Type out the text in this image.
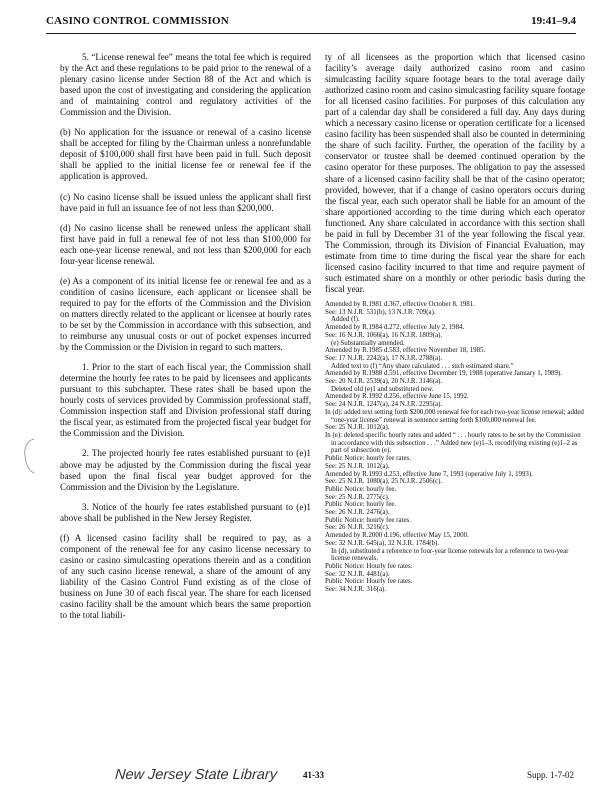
CASINO CONTROL COMMISSION	19:41–9.4

5. “License renewal fee” means the total fee which is required by the Act and these regulations to be paid prior to the renewal of a plenary casino license under Section 88 of the Act and which is based upon the cost of investigating and considering the application and of maintaining control and regulatory activities of the Commission and the Division.

(b) No application for the issuance or renewal of a casino license shall be accepted for filing by the Chairman unless a nonrefundable deposit of $100,000 shall first have been paid in full. Such deposit shall be applied to the initial license fee or renewal fee if the application is approved.

(c) No casino license shall be issued unless the applicant shall first have paid in full an issuance fee of not less than $200,000.

(d) No casino license shall be renewed unless the applicant shall first have paid in full a renewal fee of not less than $100,000 for each one-year license renewal, and not less than $200,000 for each four-year license renewal.

(e) As a component of its initial license fee or renewal fee and as a condition of casino licensure, each applicant or licensee shall be required to pay for the efforts of the Commission and the Division on matters directly related to the applicant or licensee at hourly rates to be set by the Commission in accordance with this subsection, and to reimburse any unusual costs or out of pocket expenses incurred by the Commission or the Division in regard to such matters.

1. Prior to the start of each fiscal year, the Commission shall determine the hourly fee rates to be paid by licensees and applicants pursuant to this subchapter. These rates shall be based upon the hourly costs of services provided by Commission professional staff, Commission inspection staff and Division professional staff during the fiscal year, as estimated from the projected fiscal year budget for the Commission and the Division.

2. The projected hourly fee rates established pursuant to (e)1 above may be adjusted by the Commission during the fiscal year based upon the final fiscal year budget approved for the Commission and the Division by the Legislature.

3. Notice of the hourly fee rates established pursuant to (e)1 above shall be published in the New Jersey Register.

(f) A licensed casino facility shall be required to pay, as a component of the renewal fee for any casino license necessary to casino or casino simulcasting operations therein and as a condition of any such casino license renewal, a share of the amount of any liability of the Casino Control Fund existing as of the close of business on June 30 of each fiscal year. The share for each licensed casino facility shall be the amount which bears the same proportion to the total liabili-

ty of all licensees as the proportion which that licensed casino facility’s average daily authorized casino room and casino simulcasting facility square footage bears to the total average daily authorized casino room and casino simulcasting facility square footage for all licensed casino facilities. For purposes of this calculation any part of a calendar day shall be considered a full day. Any days during which a necessary casino license or operation certificate for a licensed casino facility has been suspended shall also be counted in determining the share of such facility. Further, the operation of the facility by a conservator or trustee shall be deemed continued operation by the casino operator for these purposes. The obligation to pay the assessed share of a licensed casino facility shall be that of the casino operator; provided, however, that if a change of casino operators occurs during the fiscal year, each such operator shall be liable for an amount of the share apportioned according to the time during which each operator functioned. Any share calculated in accordance with this section shall be paid in full by December 31 of the year following the fiscal year. The Commission, through its Division of Financial Evaluation, may estimate from time to time during the fiscal year the share for each licensed casino facility incurred to that time and require payment of such estimated share on a monthly or other periodic basis during the fiscal year.

Amended by R.1981 d.367, effective October 8, 1981.
See: 13 N.J.R. 531(b), 13 N.J.R. 709(a).
Added (f).
Amended by R.1984 d.272, effective July 2, 1984.
See: 16 N.J.R. 1066(a), 16 N.J.R. 1809(a).
(e) Substantially amended.
Amended by R.1985 d.583, effective November 18, 1985.
See: 17 N.J.R. 2242(a), 17 N.J.R. 2788(a).
Added text to (f) “Any share calculated . . . such estimated share.”
Amended by R.1988 d.591, effective December 19, 1988 (operative January 1, 1989).
See: 20 N.J.R. 2539(a), 20 N.J.R. 3146(a).
Deleted old (e)1 and substituted new.
Amended by R.1992 d.256, effective June 15, 1992.
See: 24 N.J.R. 1247(a), 24 N.J.R. 2295(a).
In (d): added text setting forth $200,000 renewal fee for each two-year license renewal; added “one-year license” renewal in sentence setting forth $100,000 renewal fee.
See: 25 N.J.R. 1012(a).
In (e): deleted specific hourly rates and added “ . . . hourly rates to be set by the Commission in accordance with this subsection . . .” Added new (e)1–3, recodifying existing (e)1–2 as part of subsection (e).
Public Notice: hourly fee rates.
See: 25 N.J.R. 1012(a).
Amended by R.1993 d.253, effective June 7, 1993 (operative July 1, 1993).
See: 25 N.J.R. 1080(a), 25 N.J.R. 2506(c).
Public Notice: hourly fee.
See: 25 N.J.R. 2775(c).
Public Notice: hourly fee.
See: 26 N.J.R. 2476(a).
Public Notice: hourly fee rates.
See: 26 N.J.R. 3216(c).
Amended by R.2000 d.196, effective May 15, 2000.
See: 32 N.J.R. 645(a), 32 N.J.R. 1784(b).
In (d), substituted a reference to four-year license renewals for a reference to two-year license renewals.
Public Notice: Hourly fee rates.
See: 32 N.J.R. 4481(a).
Public Notice: Hourly fee rates.
See: 34 N.J.R. 316(a).
New Jersey State Library	41-33	Supp. 1-7-02
